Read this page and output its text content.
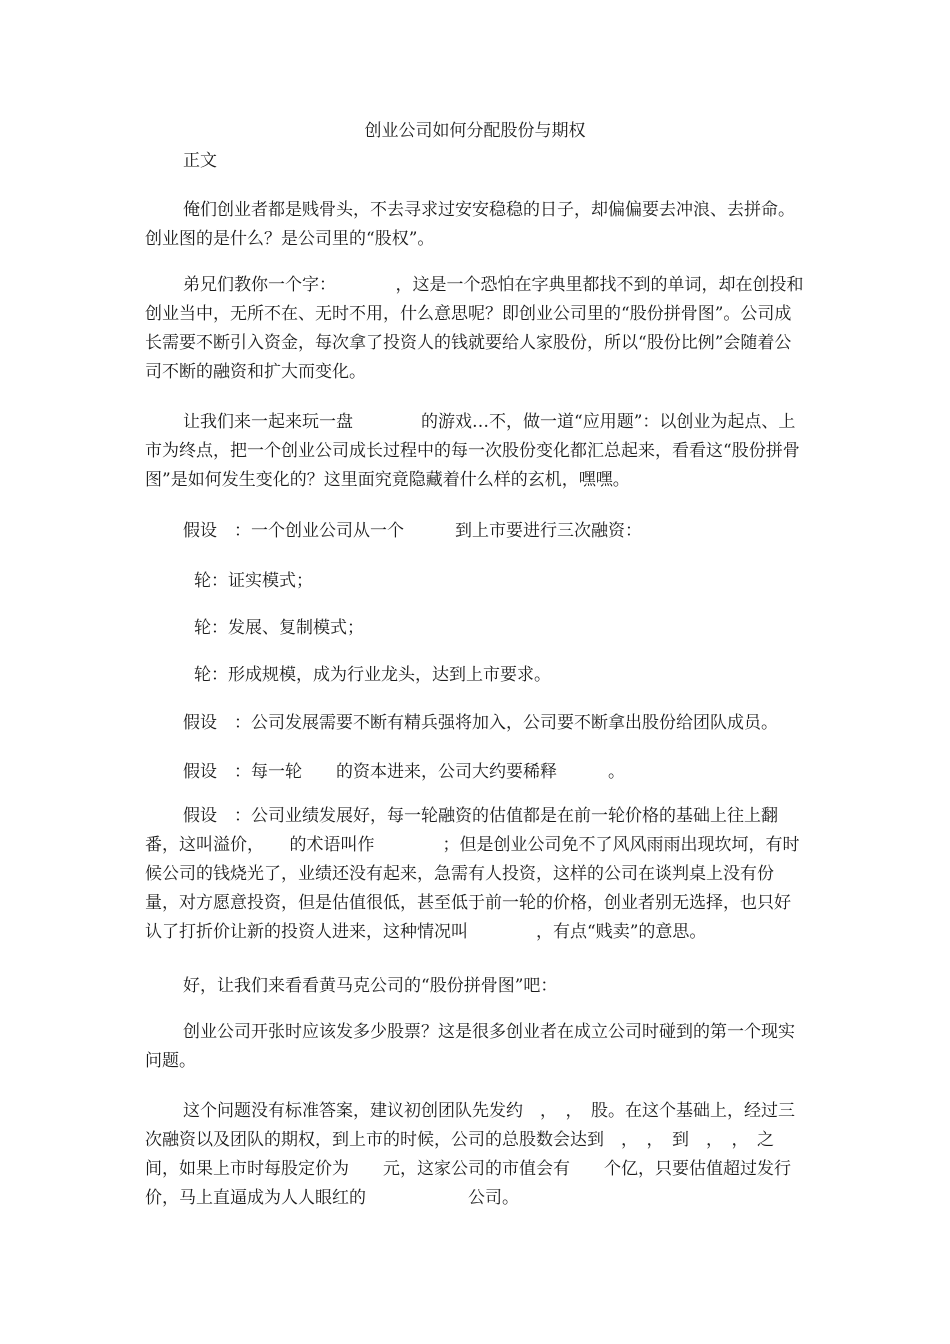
创业公司如何分配股份与期权
正文

俺们创业者都是贱骨头，不去寻求过安安稳稳的日子，却偏偏要去冲浪、去拼命。创业图的是什么？是公司里的“股权”。

弟兄们教你一个字：　　　　，这是一个恐怕在字典里都找不到的单词，却在创投和创业当中，无所不在、无时不用，什么意思呢？即创业公司里的“股份拼骨图”。公司成长需要不断引入资金，每次拿了投资人的钱就要给人家股份，所以“股份比例”会随着公司不断的融资和扩大而变化。

让我们来一起来玩一盘　　　　的游戏…不，做一道“应用题”：以创业为起点、上市为终点，把一个创业公司成长过程中的每一次股份变化都汇总起来，看看这“股份拼骨图”是如何发生变化的？这里面究竟隐藏着什么样的玄机，嘿嘿。

假设　：一个创业公司从一个　　　到上市要进行三次融资：
轮：证实模式；
轮：发展、复制模式；
轮：形成规模，成为行业龙头，达到上市要求。
假设　：公司发展需要不断有精兵强将加入，公司要不断拿出股份给团队成员。
假设　：每一轮　　的资本进来，公司大约要稀释　　　。

假设　：公司业绩发展好，每一轮融资的估值都是在前一轮价格的基础上往上翻番，这叫溢价，　　的术语叫作　　　　；但是创业公司免不了风风雨雨出现坎坷，有时候公司的钱烧光了，业绩还没有起来，急需有人投资，这样的公司在谈判桌上没有份量，对方愿意投资，但是估值很低，甚至低于前一轮的价格，创业者别无选择，也只好认了打折价让新的投资人进来，这种情况叫　　　　，有点“贱卖”的意思。

好，让我们来看看黄马克公司的“股份拼骨图”吧：

创业公司开张时应该发多少股票？这是很多创业者在成立公司时碰到的第一个现实问题。

这个问题没有标准答案，建议初创团队先发约　，　，　股。在这个基础上，经过三次融资以及团队的期权，到上市的时候，公司的总股数会达到　，　，　到　，　，　之间，如果上市时每股定价为　　元，这家公司的市值会有　　个亿，只要估值超过发行价，马上直逼成为人人眼红的　　　　　　公司。
